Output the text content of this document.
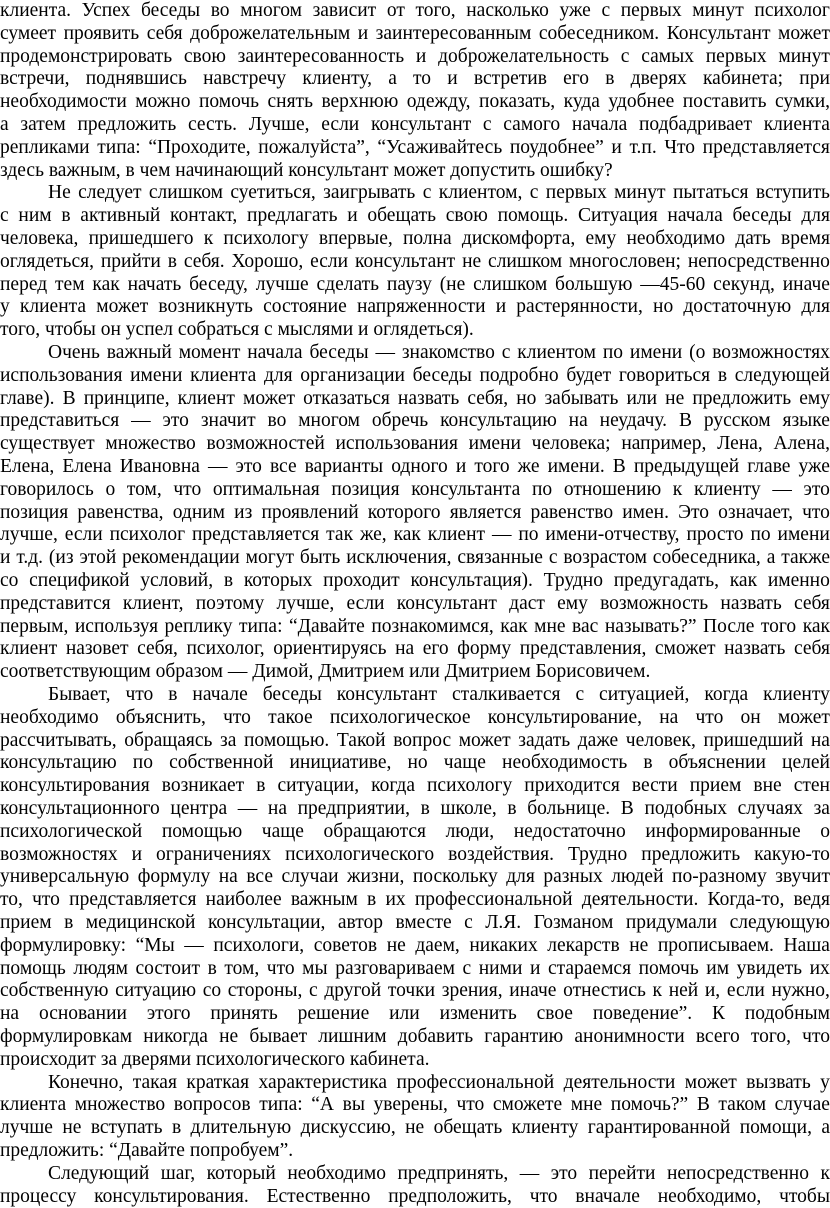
клиента. Успех беседы во многом зависит от того, насколько уже с первых минут психолог
сумеет проявить себя доброжелательным и заинтересованным собеседником. Консультант может
продемонстрировать свою заинтересованность и доброжелательность с самых первых минут
встречи, поднявшись навстречу клиенту, а то и встретив его в дверях кабинета; при
необходимости можно помочь снять верхнюю одежду, показать, куда удобнее поставить сумки,
а затем предложить сесть. Лучше, если консультант с самого начала подбадривает клиента
репликами типа: “Проходите, пожалуйста”, “Усаживайтесь поудобнее” и т.п. Что представляется
здесь важным, в чем начинающий консультант может допустить ошибку?
Не следует слишком суетиться, заигрывать с клиентом, с первых минут пытаться вступить
с ним в активный контакт, предлагать и обещать свою помощь. Ситуация начала беседы для
человека, пришедшего к психологу впервые, полна дискомфорта, ему необходимо дать время
оглядеться, прийти в себя. Хорошо, если консультант не слишком многословен; непосредственно
перед тем как начать беседу, лучше сделать паузу (не слишком большую —45-60 секунд, иначе
у клиента может возникнуть состояние напряженности и растерянности, но достаточную для
того, чтобы он успел собраться с мыслями и оглядеться).
Очень важный момент начала беседы — знакомство с клиентом по имени (о возможностях
использования имени клиента для организации беседы подробно будет говориться в следующей
главе). В принципе, клиент может отказаться назвать себя, но забывать или не предложить ему
представиться — это значит во многом обречь консультацию на неудачу. В русском языке
существует множество возможностей использования имени человека; например, Лена, Алена,
Елена, Елена Ивановна — это все варианты одного и того же имени. В предыдущей главе уже
говорилось о том, что оптимальная позиция консультанта по отношению к клиенту — это
позиция равенства, одним из проявлений которого является равенство имен. Это означает, что
лучше, если психолог представляется так же, как клиент — по имени-отчеству, просто по имени
и т.д. (из этой рекомендации могут быть исключения, связанные с возрастом собеседника, а также
со спецификой условий, в которых проходит консультация). Трудно предугадать, как именно
представится клиент, поэтому лучше, если консультант даст ему возможность назвать себя
первым, используя реплику типа: “Давайте познакомимся, как мне вас называть?” После того как
клиент назовет себя, психолог, ориентируясь на его форму представления, сможет назвать себя
соответствующим образом — Димой, Дмитрием или Дмитрием Борисовичем.
Бывает, что в начале беседы консультант сталкивается с ситуацией, когда клиенту
необходимо объяснить, что такое психологическое консультирование, на что он может
рассчитывать, обращаясь за помощью. Такой вопрос может задать даже человек, пришедший на
консультацию по собственной инициативе, но чаще необходимость в объяснении целей
консультирования возникает в ситуации, когда психологу приходится вести прием вне стен
консультационного центра — на предприятии, в школе, в больнице. В подобных случаях за
психологической помощью чаще обращаются люди, недостаточно информированные о
возможностях и ограничениях психологического воздействия. Трудно предложить какую-то
универсальную формулу на все случаи жизни, поскольку для разных людей по-разному звучит
то, что представляется наиболее важным в их профессиональной деятельности. Когда-то, ведя
прием в медицинской консультации, автор вместе с Л.Я. Гозманом придумали следующую
формулировку: “Мы — психологи, советов не даем, никаких лекарств не прописываем. Наша
помощь людям состоит в том, что мы разговариваем с ними и стараемся помочь им увидеть их
собственную ситуацию со стороны, с другой точки зрения, иначе отнестись к ней и, если нужно,
на основании этого принять решение или изменить свое поведение”. К подобным
формулировкам никогда не бывает лишним добавить гарантию анонимности всего того, что
происходит за дверями психологического кабинета.
Конечно, такая краткая характеристика профессиональной деятельности может вызвать у
клиента множество вопросов типа: “А вы уверены, что сможете мне помочь?” В таком случае
лучше не вступать в длительную дискуссию, не обещать клиенту гарантированной помощи, а
предложить: “Давайте попробуем”.
Следующий шаг, который необходимо предпринять, — это перейти непосредственно к
процессу консультирования. Естественно предположить, что вначале необходимо, чтобы
